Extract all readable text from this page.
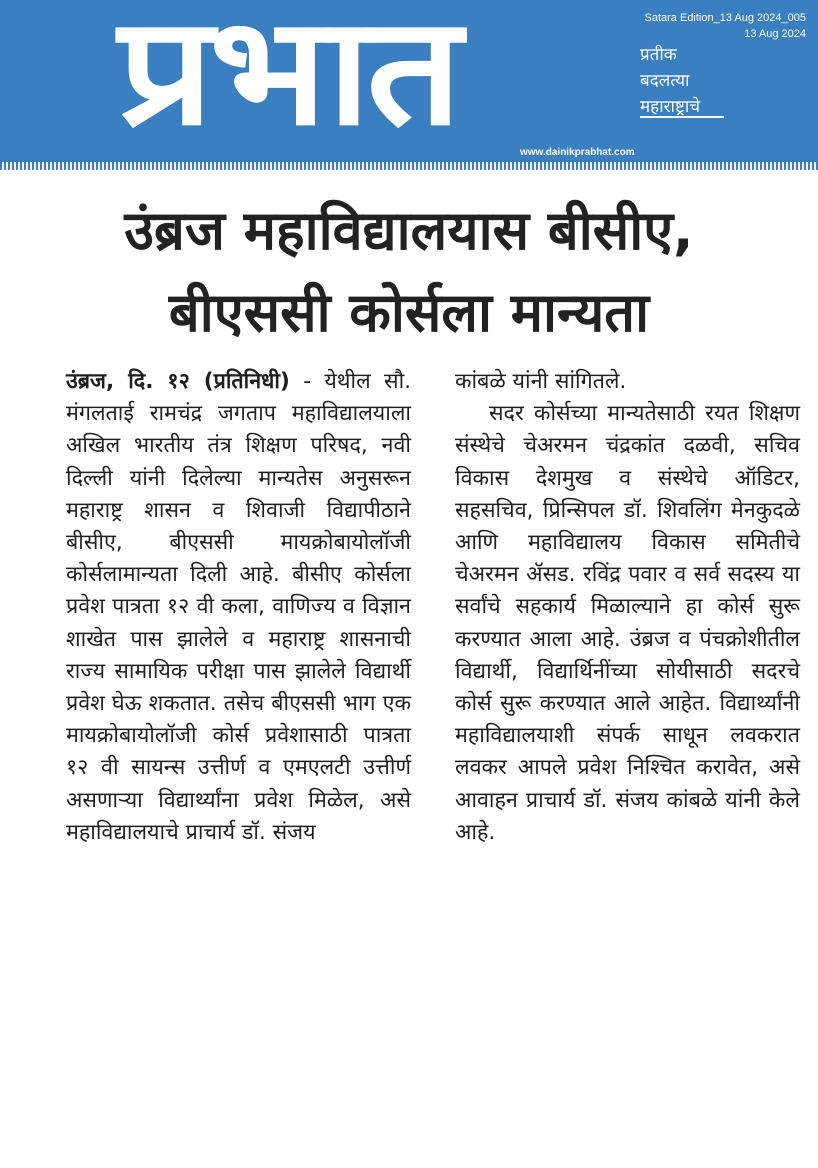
प्रभात	प्रतीक
बदलत्या
महाराष्ट्राचे
Satara Edition_13 Aug 2024_005
13 Aug 2024
www.dainikprabhat.com
उंब्रज महाविद्यालयास बीसीए,
बीएससी कोर्सला मान्यता

उंब्रज, दि. १२ (प्रतिनिधी) - येथील सौ. मंगलताई रामचंद्र जगताप महाविद्यालयाला अखिल भारतीय तंत्र शिक्षण परिषद, नवी दिल्ली यांनी दिलेल्या मान्यतेस अनुसरून महाराष्ट्र शासन व शिवाजी विद्यापीठाने बीसीए, बीएससी मायक्रोबायोलॉजी कोर्सलामान्यता दिली आहे. बीसीए कोर्सला प्रवेश पात्रता १२ वी कला, वाणिज्य व विज्ञान शाखेत पास झालेले व महाराष्ट्र शासनाची राज्य सामायिक परीक्षा पास झालेले विद्यार्थी प्रवेश घेऊ शकतात. तसेच बीएससी भाग एक मायक्रोबायोलॉजी कोर्स प्रवेशासाठी पात्रता १२ वी सायन्स उत्तीर्ण व एमएलटी उत्तीर्ण असणाऱ्या विद्यार्थ्यांना प्रवेश मिळेल, असे महाविद्यालयाचे प्राचार्य डॉ. संजय

कांबळे यांनी सांगितले.

सदर कोर्सच्या मान्यतेसाठी रयत शिक्षण संस्थेचे चेअरमन चंद्रकांत दळवी, सचिव विकास देशमुख व संस्थेचे ऑडिटर, सहसचिव, प्रिन्सिपल डॉ. शिवलिंग मेनकुदळे आणि महाविद्यालय विकास समितीचे चेअरमन ॲसड. रविंद्र पवार व सर्व सदस्य या सर्वांचे सहकार्य मिळाल्याने हा कोर्स सुरू करण्यात आला आहे. उंब्रज व पंचक्रोशीतील विद्यार्थी, विद्यार्थिनींच्या सोयीसाठी सदरचे कोर्स सुरू करण्यात आले आहेत. विद्यार्थ्यांनी महाविद्यालयाशी संपर्क साधून लवकरात लवकर आपले प्रवेश निश्चित करावेत, असे आवाहन प्राचार्य डॉ. संजय कांबळे यांनी केले आहे.
